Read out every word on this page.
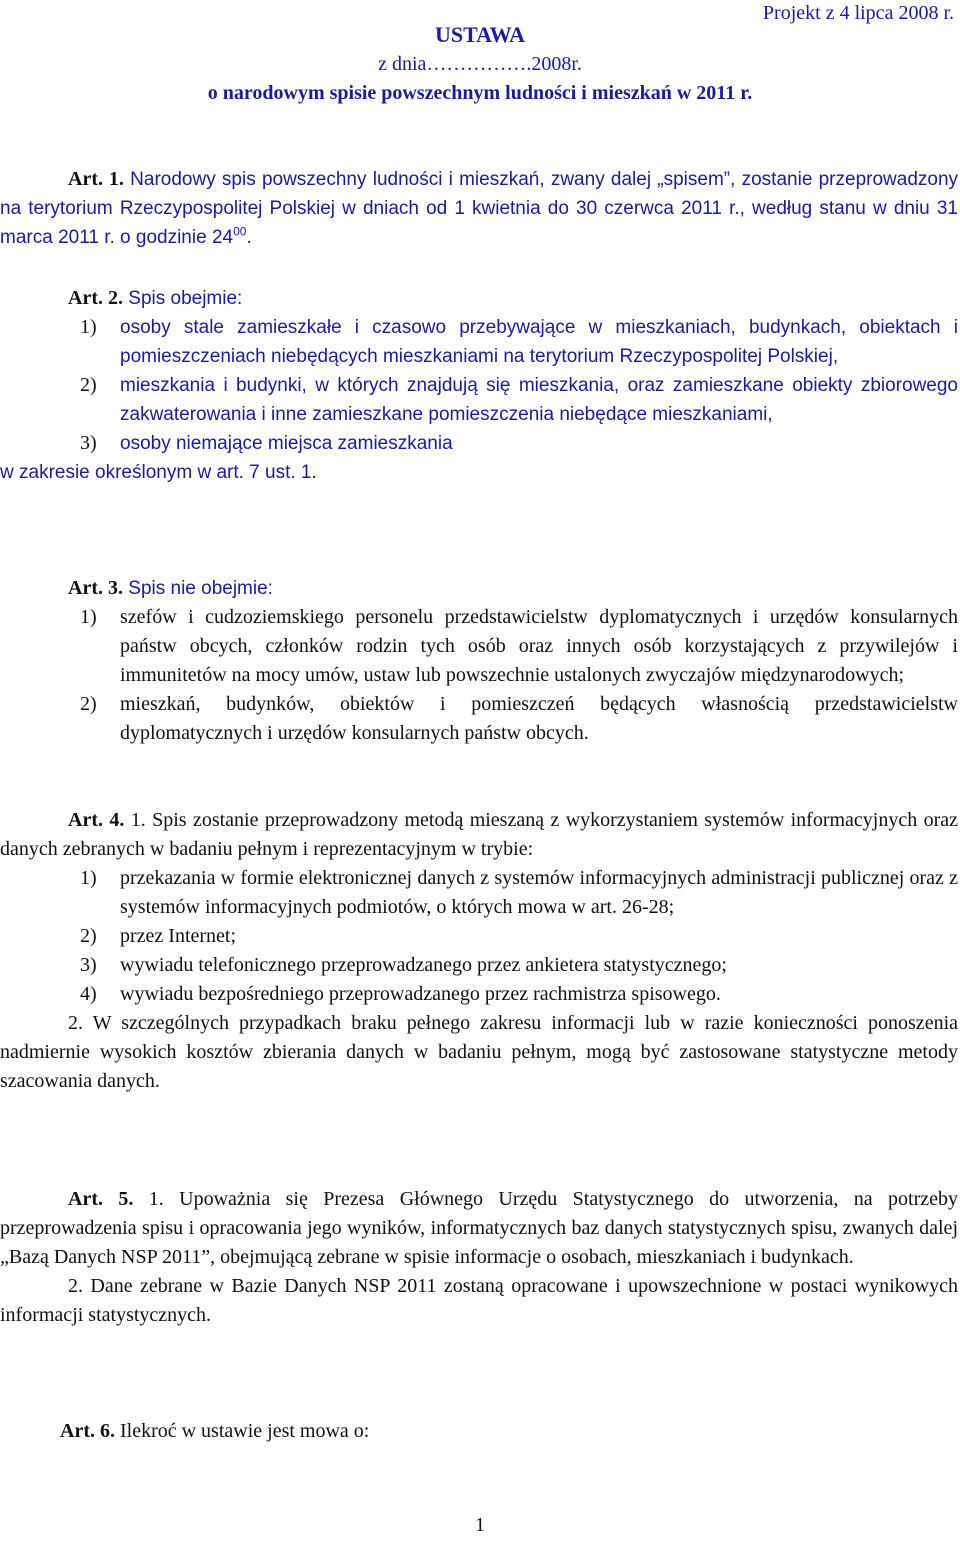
Projekt z 4 lipca 2008 r.
USTAWA
z dnia…………….2008r.
o narodowym spisie powszechnym ludności i mieszkań w 2011 r.

Art. 1. Narodowy spis powszechny ludności i mieszkań, zwany dalej „spisem”, zostanie przeprowadzony na terytorium Rzeczypospolitej Polskiej w dniach od 1 kwietnia do 30 czerwca 2011 r., według stanu w dniu 31 marca 2011 r. o godzinie $24^{00}$.

Art. 2. Spis obejmie:

1)	osoby stale zamieszkałe i czasowo przebywające w mieszkaniach, budynkach, obiektach i pomieszczeniach niebędących mieszkaniami na terytorium Rzeczypospolitej Polskiej,

2)	mieszkania i budynki, w których znajdują się mieszkania, oraz zamieszkane obiekty zbiorowego zakwaterowania i inne zamieszkane pomieszczenia niebędące mieszkaniami,

3)	osoby niemające miejsca zamieszkania

w zakresie określonym w art. 7 ust. 1.

Art. 3. Spis nie obejmie:

1)	szefów i cudzoziemskiego personelu przedstawicielstw dyplomatycznych i urzędów konsularnych państw obcych, członków rodzin tych osób oraz innych osób korzystających z przywilejów i immunitetów na mocy umów, ustaw lub powszechnie ustalonych zwyczajów międzynarodowych;

2)	mieszkań, budynków, obiektów i pomieszczeń będących własnością przedstawicielstw dyplomatycznych i urzędów konsularnych państw obcych.

Art. 4. 1. Spis zostanie przeprowadzony metodą mieszaną z wykorzystaniem systemów informacyjnych oraz danych zebranych w badaniu pełnym i reprezentacyjnym w trybie:

1)	przekazania w formie elektronicznej danych z systemów informacyjnych administracji publicznej oraz z systemów informacyjnych podmiotów, o których mowa w art. 26-28;

2)	przez Internet;

3)	wywiadu telefonicznego przeprowadzanego przez ankietera statystycznego;

4)	wywiadu bezpośredniego przeprowadzanego przez rachmistrza spisowego.

2. W szczególnych przypadkach braku pełnego zakresu informacji lub w razie konieczności ponoszenia nadmiernie wysokich kosztów zbierania danych w badaniu pełnym, mogą być zastosowane statystyczne metody szacowania danych.

Art. 5. 1. Upoważnia się Prezesa Głównego Urzędu Statystycznego do utworzenia, na potrzeby przeprowadzenia spisu i opracowania jego wyników, informatycznych baz danych statystycznych spisu, zwanych dalej „Bazą Danych NSP 2011”, obejmującą zebrane w spisie informacje o osobach, mieszkaniach i budynkach.

2. Dane zebrane w Bazie Danych NSP 2011 zostaną opracowane i upowszechnione w postaci wynikowych informacji statystycznych.

Art. 6. Ilekroć w ustawie jest mowa o:

1
